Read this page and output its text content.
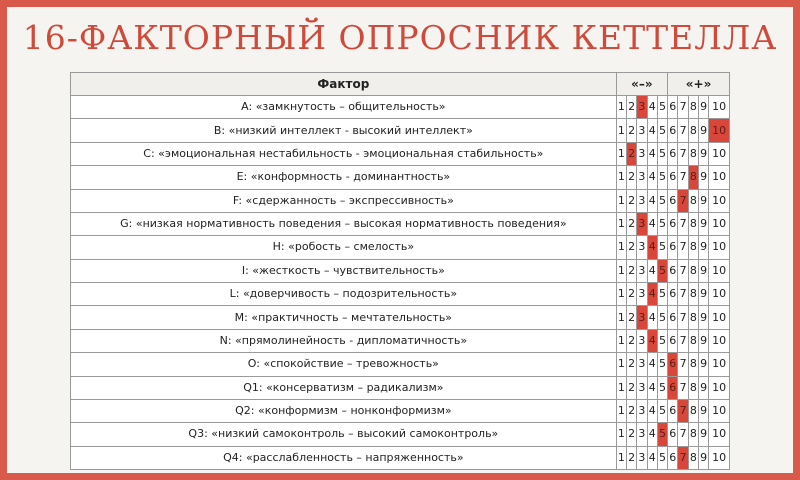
16-ФАКТОРНЫЙ ОПРОСНИК КЕТТЕЛЛА
Фактор	«–»					«+»				
A: «замкнутость – общительность»	1	2	3	4	5	6	7	8	9	10
B: «низкий интеллект - высокий интеллект»	1	2	3	4	5	6	7	8	9	10
C: «эмоциональная нестабильность - эмоциональная стабильность»	1	2	3	4	5	6	7	8	9	10
E: «конформность - доминантность»	1	2	3	4	5	6	7	8	9	10
F: «сдержанность – экспрессивность»	1	2	3	4	5	6	7	8	9	10
G: «низкая нормативность поведения – высокая нормативность поведения»	1	2	3	4	5	6	7	8	9	10
H: «робость – смелость»	1	2	3	4	5	6	7	8	9	10
I: «жесткость – чувствительность»	1	2	3	4	5	6	7	8	9	10
L: «доверчивость – подозрительность»	1	2	3	4	5	6	7	8	9	10
M: «практичность – мечтательность»	1	2	3	4	5	6	7	8	9	10
N: «прямолинейность - дипломатичность»	1	2	3	4	5	6	7	8	9	10
O: «спокойствие – тревожность»	1	2	3	4	5	6	7	8	9	10
Q1: «консерватизм – радикализм»	1	2	3	4	5	6	7	8	9	10
Q2: «конформизм – нонконформизм»	1	2	3	4	5	6	7	8	9	10
Q3: «низкий самоконтроль – высокий самоконтроль»	1	2	3	4	5	6	7	8	9	10
Q4: «расслабленность – напряженность»	1	2	3	4	5	6	7	8	9	10
